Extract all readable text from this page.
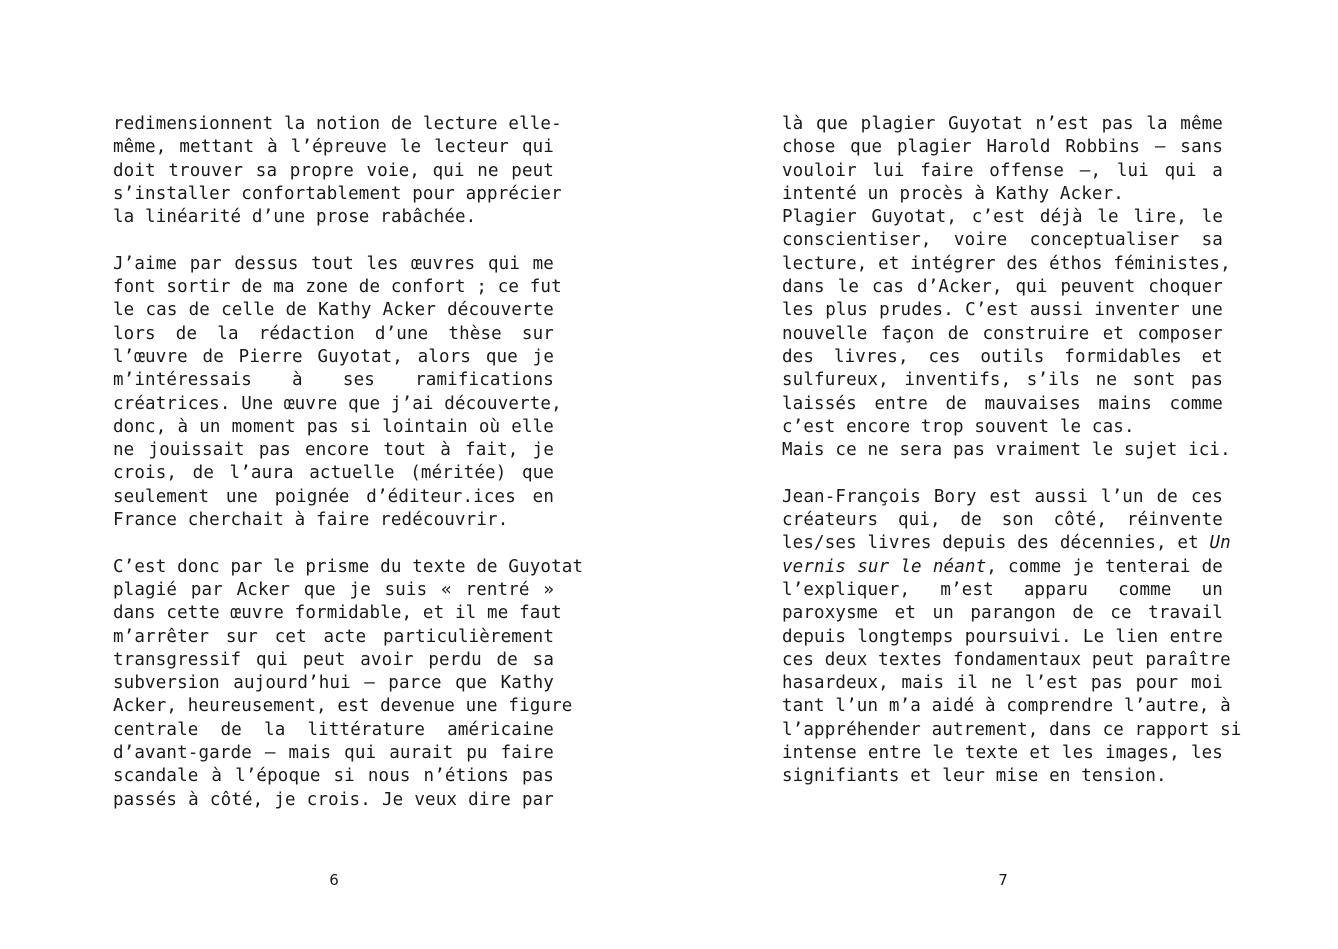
redimensionnent la notion de lecture elle-
même, mettant à l’épreuve le lecteur qui
doit trouver sa propre voie, qui ne peut
s’installer confortablement pour apprécier
la linéarité d’une prose rabâchée.
J’aime par dessus tout les œuvres qui me
font sortir de ma zone de confort ; ce fut
le cas de celle de Kathy Acker découverte
lors de la rédaction d’une thèse sur
l’œuvre de Pierre Guyotat, alors que je
m’intéressais à ses ramifications
créatrices. Une œuvre que j’ai découverte,
donc, à un moment pas si lointain où elle
ne jouissait pas encore tout à fait, je
crois, de l’aura actuelle (méritée) que
seulement une poignée d’éditeur.ices en
France cherchait à faire redécouvrir.
C’est donc par le prisme du texte de Guyotat
plagié par Acker que je suis « rentré »
dans cette œuvre formidable, et il me faut
m’arrêter sur cet acte particulièrement
transgressif qui peut avoir perdu de sa
subversion aujourd’hui – parce que Kathy
Acker, heureusement, est devenue une figure
centrale de la littérature américaine
d’avant-garde – mais qui aurait pu faire
scandale à l’époque si nous n’étions pas
passés à côté, je crois. Je veux dire par
6
là que plagier Guyotat n’est pas la même
chose que plagier Harold Robbins – sans
vouloir lui faire offense –, lui qui a
intenté un procès à Kathy Acker.
Plagier Guyotat, c’est déjà le lire, le
conscientiser, voire conceptualiser sa
lecture, et intégrer des éthos féministes,
dans le cas d’Acker, qui peuvent choquer
les plus prudes. C’est aussi inventer une
nouvelle façon de construire et composer
des livres, ces outils formidables et
sulfureux, inventifs, s’ils ne sont pas
laissés entre de mauvaises mains comme
c’est encore trop souvent le cas.
Mais ce ne sera pas vraiment le sujet ici.
Jean-François Bory est aussi l’un de ces
créateurs qui, de son côté, réinvente
les/ses livres depuis des décennies, et Un
vernis sur le néant, comme je tenterai de
l’expliquer, m’est apparu comme un
paroxysme et un parangon de ce travail
depuis longtemps poursuivi. Le lien entre
ces deux textes fondamentaux peut paraître
hasardeux, mais il ne l’est pas pour moi
tant l’un m’a aidé à comprendre l’autre, à
l’appréhender autrement, dans ce rapport si
intense entre le texte et les images, les
signifiants et leur mise en tension.
7
